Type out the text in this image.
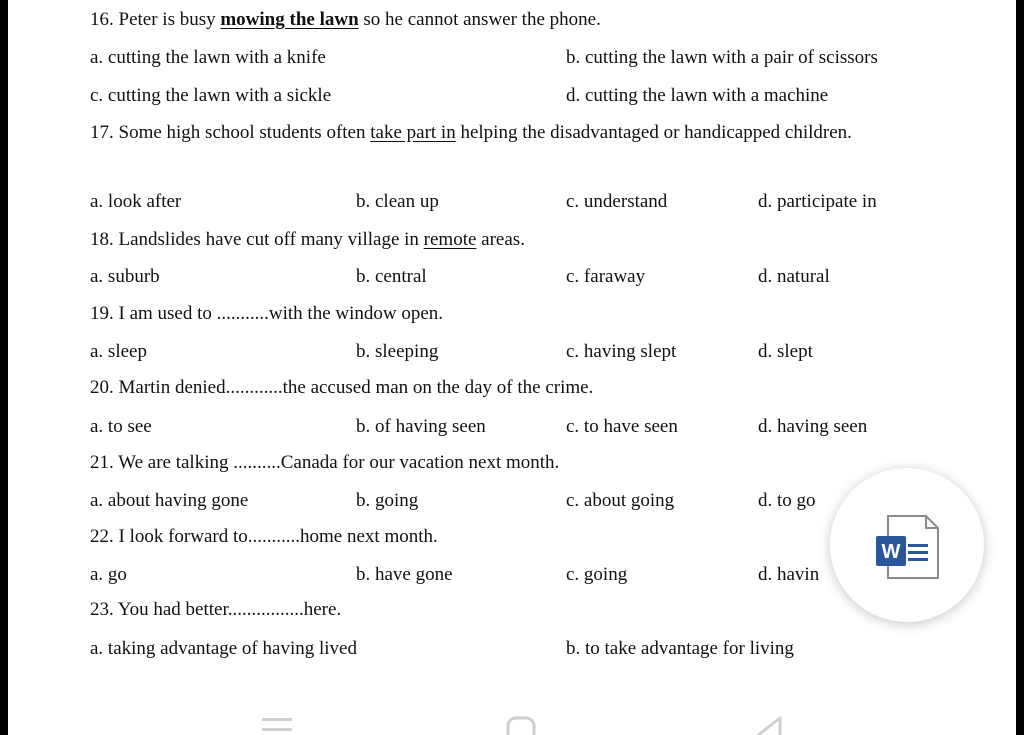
16. Peter is busy mowing the lawn so he cannot answer the phone.
a. cutting the lawn with a knife	b. cutting the lawn with a pair of scissors
c. cutting the lawn with a sickle	d. cutting the lawn with a machine
17. Some high school students often take part in helping the disadvantaged or handicapped children.
a. look after	b. clean up	c. understand	d. participate in
18. Landslides have cut off many village in remote areas.
a. suburb	b. central	c. faraway	d. natural
19. I am used to ...........with the window open.
a. sleep	b. sleeping	c. having slept	d. slept
20. Martin denied............the accused man on the day of the crime.
a. to see	b. of having seen	c. to have seen	d. having seen
21. We are talking ..........Canada for our vacation next month.
a. about having gone	b. going	c. about going	d. to go
22. I look forward to...........home next month.
a. go	b. have gone	c. going	d. havin
23. You had better................here.
a. taking advantage of having lived	b. to take advantage for living
W
